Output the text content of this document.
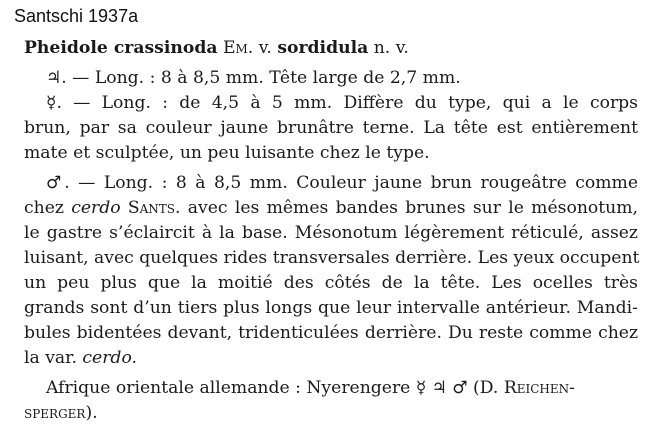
Santschi 1937a
Pheidole crassinoda Em. v. sordidula n. v.
♃. — Long. : 8 à 8,5 mm. Tête large de 2,7 mm.
☿. — Long. : de 4,5 à 5 mm. Diffère du type, qui a le corps
brun, par sa couleur jaune brunâtre terne. La tête est entièrement
mate et sculptée, un peu luisante chez le type.
♂. — Long. : 8 à 8,5 mm. Couleur jaune brun rougeâtre comme
chez cerdo Sants. avec les mêmes bandes brunes sur le mésonotum,
le gastre s’éclaircit à la base. Mésonotum légèrement réticulé, assez
luisant, avec quelques rides transversales derrière. Les yeux occupent
un peu plus que la moitié des côtés de la tête. Les ocelles très
grands sont d’un tiers plus longs que leur intervalle antérieur. Mandi-
bules bidentées devant, tridenticulées derrière. Du reste comme chez
la var. cerdo.
Afrique orientale allemande : Nyerengere ☿ ♃ ♂ (D. Reichen-
sperger).
